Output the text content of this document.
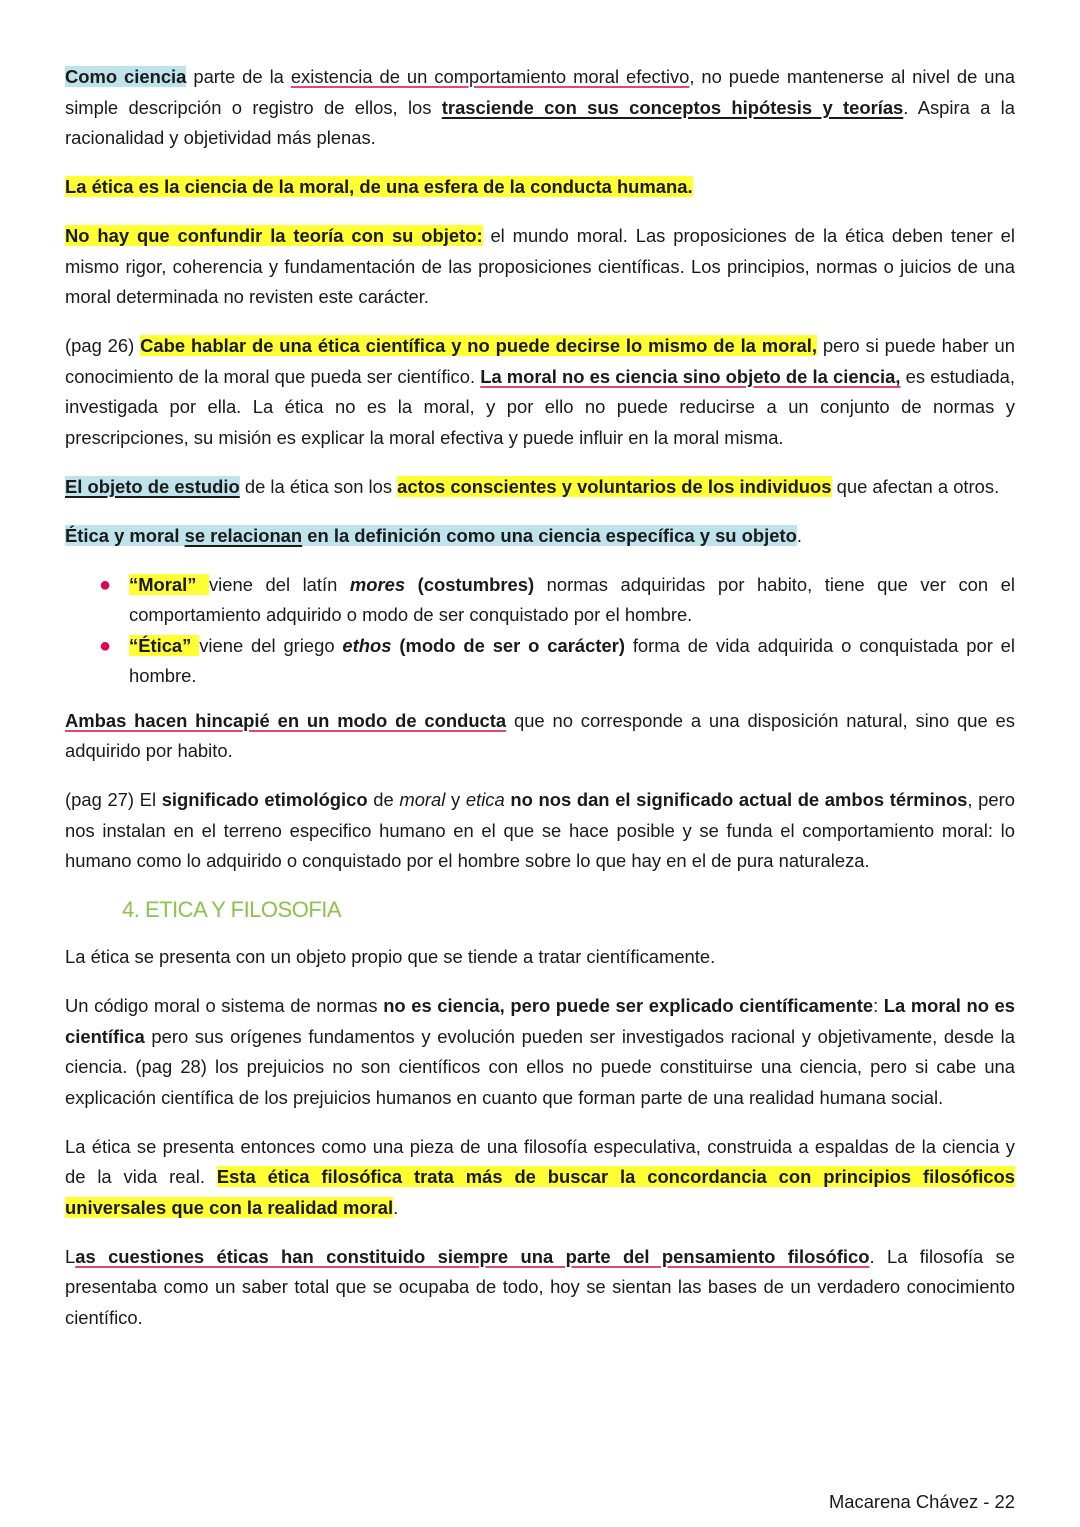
Como ciencia parte de la existencia de un comportamiento moral efectivo, no puede mantenerse al nivel de una simple descripción o registro de ellos, los trasciende con sus conceptos hipótesis y teorías. Aspira a la racionalidad y objetividad más plenas.

La ética es la ciencia de la moral, de una esfera de la conducta humana.

No hay que confundir la teoría con su objeto: el mundo moral. Las proposiciones de la ética deben tener el mismo rigor, coherencia y fundamentación de las proposiciones científicas. Los principios, normas o juicios de una moral determinada no revisten este carácter.

(pag 26) Cabe hablar de una ética científica y no puede decirse lo mismo de la moral, pero si puede haber un conocimiento de la moral que pueda ser científico. La moral no es ciencia sino objeto de la ciencia, es estudiada, investigada por ella. La ética no es la moral, y por ello no puede reducirse a un conjunto de normas y prescripciones, su misión es explicar la moral efectiva y puede influir en la moral misma.

El objeto de estudio de la ética son los actos conscientes y voluntarios de los individuos que afectan a otros.

Ética y moral se relacionan en la definición como una ciencia específica y su objeto.

● “Moral” viene del latín mores (costumbres) normas adquiridas por habito, tiene que ver con el comportamiento adquirido o modo de ser conquistado por el hombre.
● “Ética” viene del griego ethos (modo de ser o carácter) forma de vida adquirida o conquistada por el hombre.

Ambas hacen hincapié en un modo de conducta que no corresponde a una disposición natural, sino que es adquirido por habito.

(pag 27) El significado etimológico de moral y etica no nos dan el significado actual de ambos términos, pero nos instalan en el terreno especifico humano en el que se hace posible y se funda el comportamiento moral: lo humano como lo adquirido o conquistado por el hombre sobre lo que hay en el de pura naturaleza.

4. ETICA Y FILOSOFIA

La ética se presenta con un objeto propio que se tiende a tratar científicamente.

Un código moral o sistema de normas no es ciencia, pero puede ser explicado científicamente: La moral no es científica pero sus orígenes fundamentos y evolución pueden ser investigados racional y objetivamente, desde la ciencia. (pag 28) los prejuicios no son científicos con ellos no puede constituirse una ciencia, pero si cabe una explicación científica de los prejuicios humanos en cuanto que forman parte de una realidad humana social.

La ética se presenta entonces como una pieza de una filosofía especulativa, construida a espaldas de la ciencia y de la vida real. Esta ética filosófica trata más de buscar la concordancia con principios filosóficos universales que con la realidad moral.

Las cuestiones éticas han constituido siempre una parte del pensamiento filosófico. La filosofía se presentaba como un saber total que se ocupaba de todo, hoy se sientan las bases de un verdadero conocimiento científico.

Macarena Chávez - 22
